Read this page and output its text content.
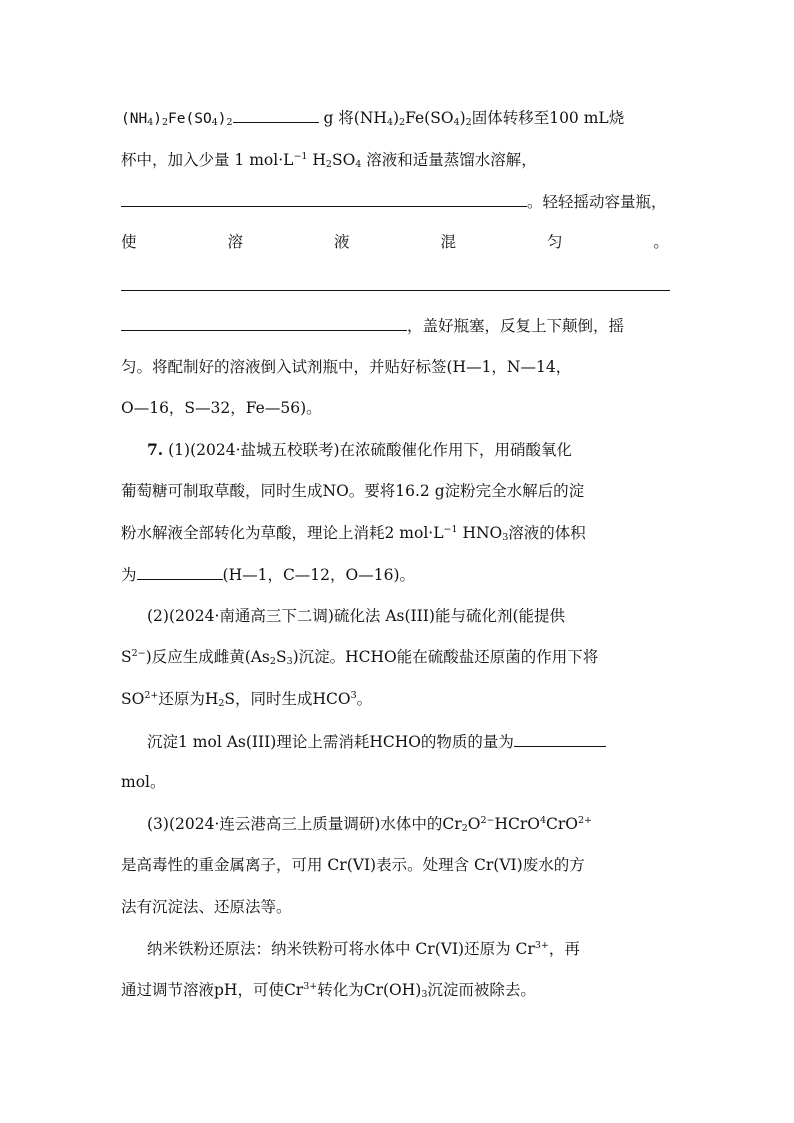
$(NH_4)_2Fe(SO_4)_2$	g 将$(NH_4)_2Fe(SO_4)_2$固体转移至100 mL烧
杯中，加入少量 1 $mol\cdot L^{-1}$ $H_2SO_4$ 溶液和适量蒸馏水溶解，
。轻轻摇动容量瓶，
使	溶	液	混	匀	。
，盖好瓶塞，反复上下颠倒，摇
匀。将配制好的溶液倒入试剂瓶中，并贴好标签(H—1，N—14，
O—16，S—32，Fe—56)。
7. (1)(2024·盐城五校联考)在浓硫酸催化作用下，用硝酸氧化
葡萄糖可制取草酸，同时生成NO。要将16.2 g淀粉完全水解后的淀
粉水解液全部转化为草酸，理论上消耗2 $mol\cdot L^{-1}$ $HNO_3$溶液的体积
为	(H—1，C—12，O—16)。
(2)(2024·南通高三下二调)硫化法 As(III)能与硫化剂(能提供
$S^{2-}$)反应生成雌黄$(As_2S_3)$沉淀。HCHO能在硫酸盐还原菌的作用下将
$SO^{2+}$还原为$H_2S$，同时生成HCO$^3$。
沉淀1 mol As(III)理论上需消耗HCHO的物质的量为
mol。
(3)(2024·连云港高三上质量调研)水体中的$Cr_2O^{2-}HCrO^4CrO^{2+}$
是高毒性的重金属离子，可用 Cr(VI)表示。处理含 Cr(VI)废水的方
法有沉淀法、还原法等。
纳米铁粉还原法：纳米铁粉可将水体中 Cr(VI)还原为 $Cr^{3+}$，再
通过调节溶液pH，可使$Cr^{3+}$转化为$Cr(OH)_3$沉淀而被除去。
